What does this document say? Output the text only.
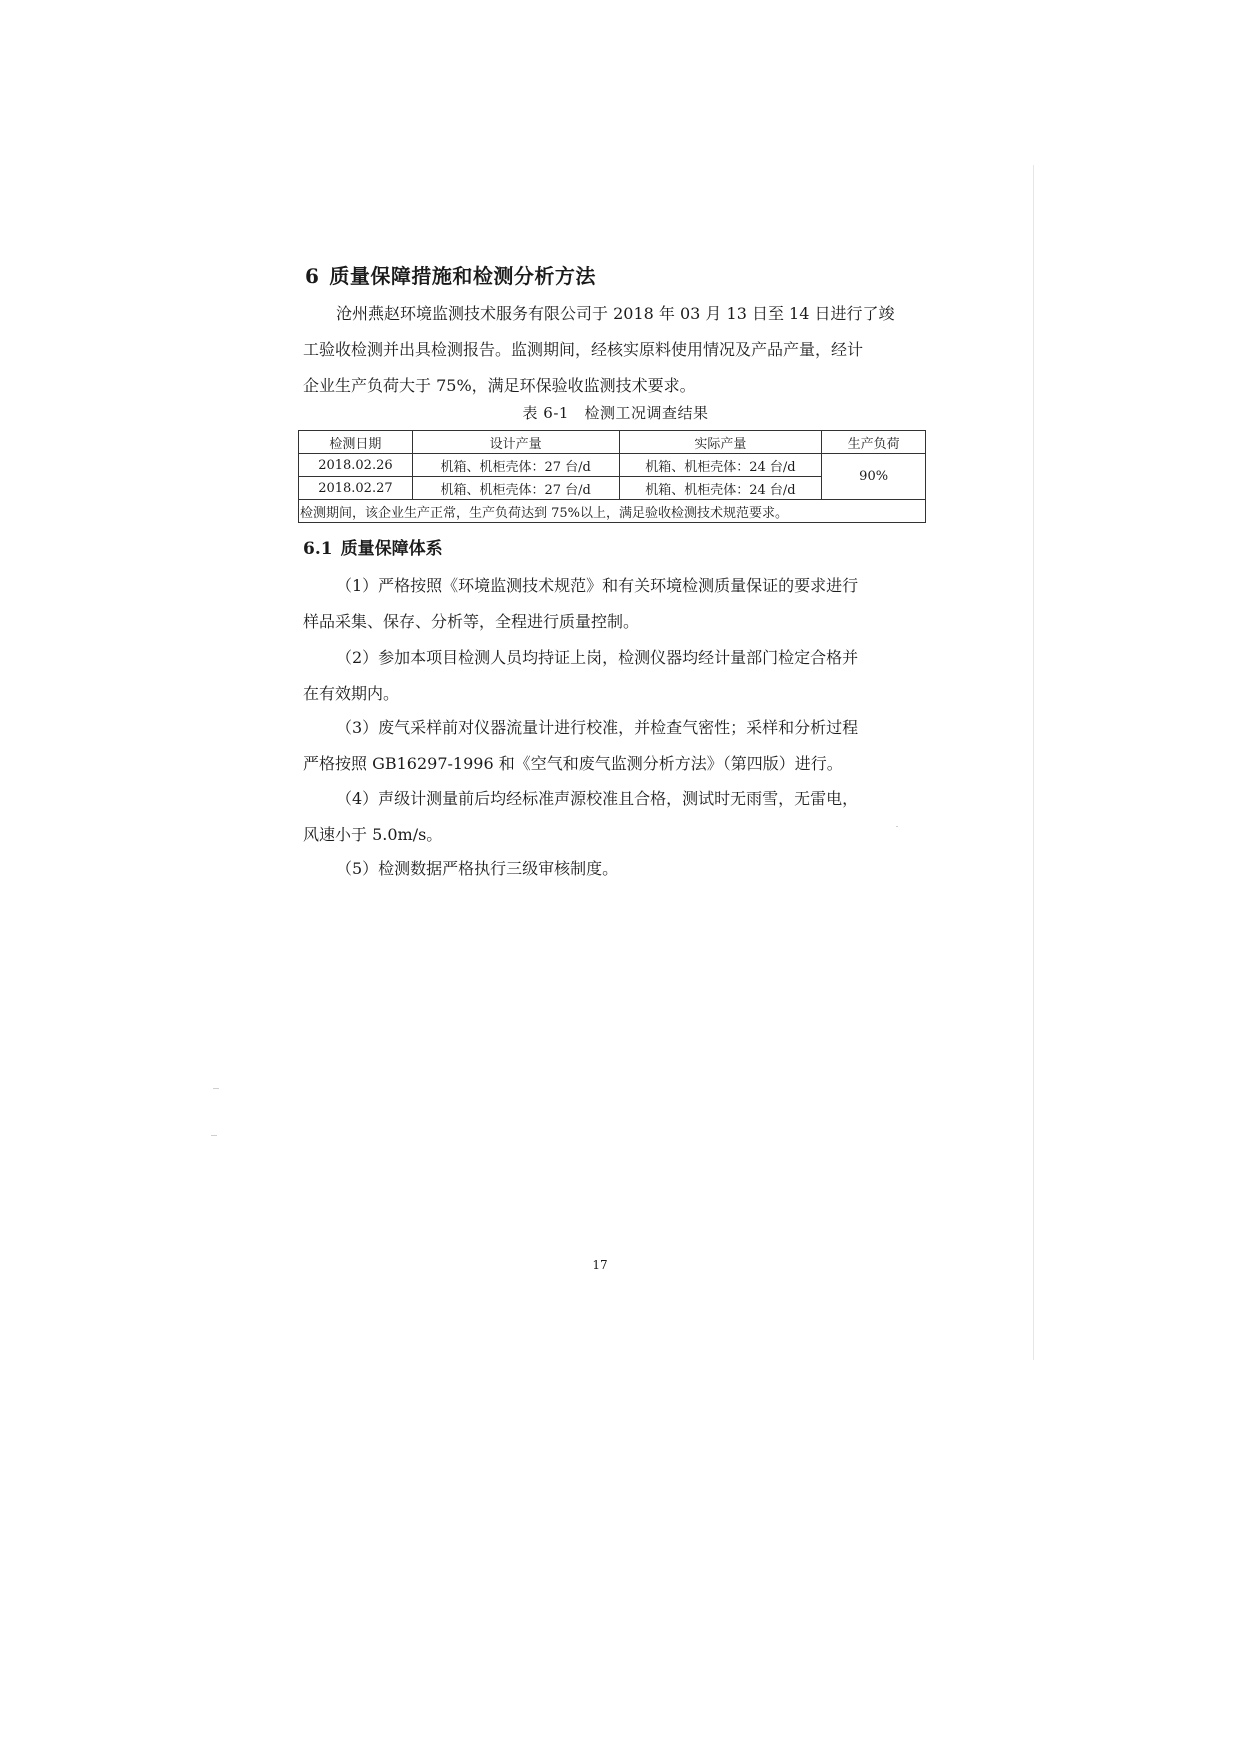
6 质量保障措施和检测分析方法
沧州燕赵环境监测技术服务有限公司于 2018 年 03 月 13 日至 14 日进行了竣
工验收检测并出具检测报告。监测期间，经核实原料使用情况及产品产量，经计
企业生产负荷大于 75%，满足环保验收监测技术要求。
表 6-1　检测工况调查结果
检测日期	设计产量	实际产量	生产负荷
2018.02.26	机箱、机柜壳体：27 台/d	机箱、机柜壳体：24 台/d	90%
2018.02.27	机箱、机柜壳体：27 台/d	机箱、机柜壳体：24 台/d	
检测期间，该企业生产正常，生产负荷达到 75%以上，满足验收检测技术规范要求。			
6.1 质量保障体系
（1）严格按照《环境监测技术规范》和有关环境检测质量保证的要求进行
样品采集、保存、分析等，全程进行质量控制。
（2）参加本项目检测人员均持证上岗，检测仪器均经计量部门检定合格并
在有效期内。
（3）废气采样前对仪器流量计进行校准，并检查气密性；采样和分析过程
严格按照 GB16297-1996 和《空气和废气监测分析方法》（第四版）进行。
（4）声级计测量前后均经标准声源校准且合格，测试时无雨雪，无雷电，
风速小于 5.0m/s。
（5）检测数据严格执行三级审核制度。
17
